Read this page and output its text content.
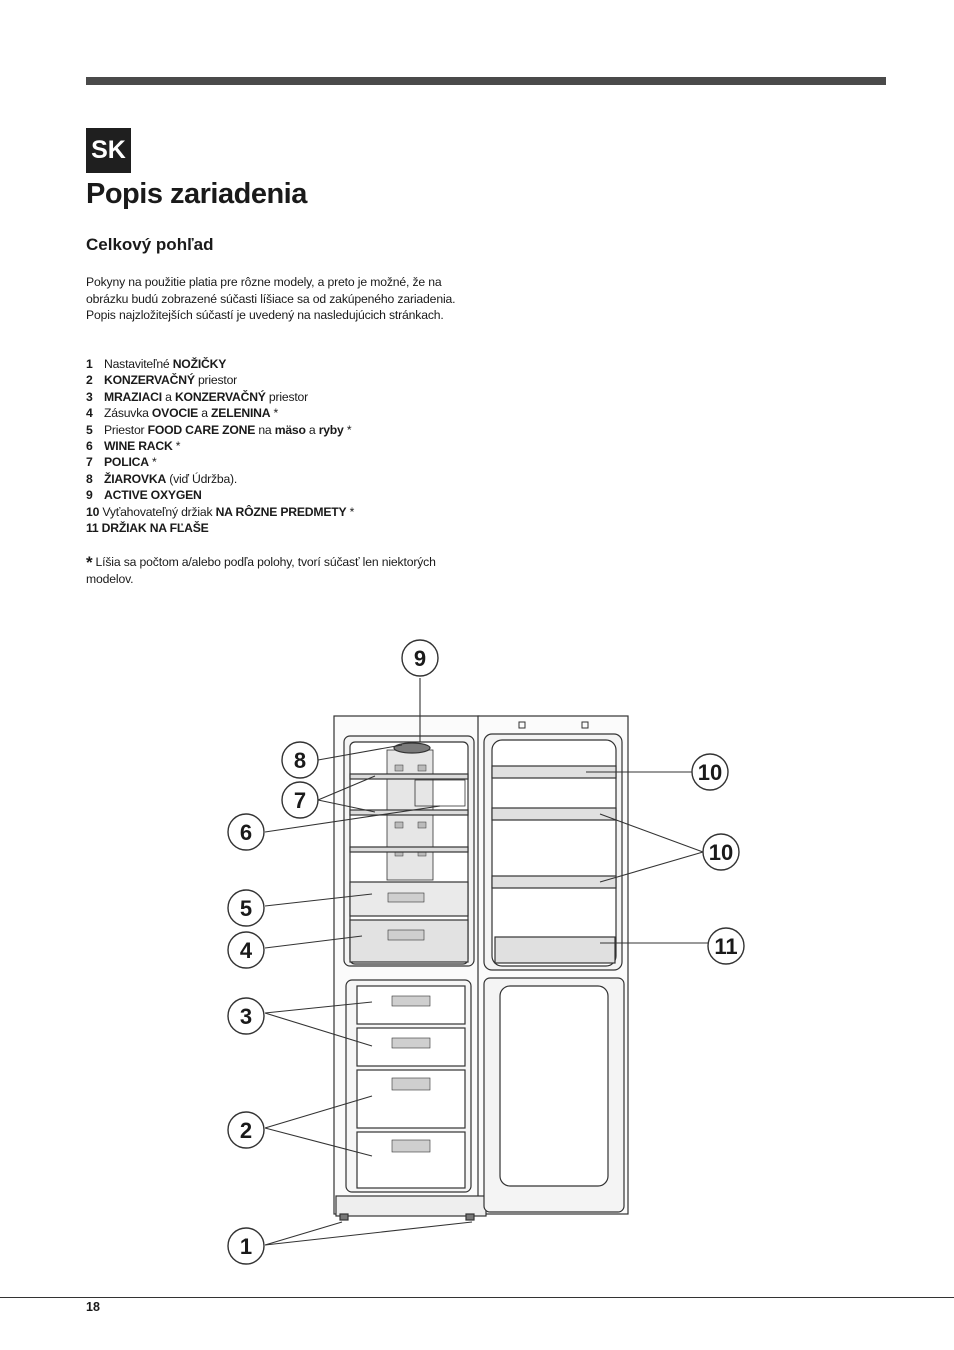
SK
Popis zariadenia
Celkový pohľad

Pokyny na použitie platia pre rôzne modely, a preto je možné, že na obrázku budú zobrazené súčasti líšiace sa od zakúpeného zariadenia. Popis najzložitejších súčastí je uvedený na nasledujúcich stránkach.

1 Nastaviteľné NOŽIČKY
2 KONZERVAČNÝ priestor
3 MRAZIACI a KONZERVAČNÝ priestor
4 Zásuvka OVOCIE a ZELENINA *
5 Priestor FOOD CARE ZONE na mäso a ryby *
6 WINE RACK *
7 POLICA *
8 ŽIAROVKA (viď Údržba).
9 ACTIVE OXYGEN
10 Vyťahovateľný držiak NA RÔZNE PREDMETY *
11 DRŽIAK NA FĽAŠE

* Líšia sa počtom a/alebo podľa polohy, tvorí súčasť len niektorých modelov.

9
8
7
6
5
4
3
2
1
10
10
11
18
